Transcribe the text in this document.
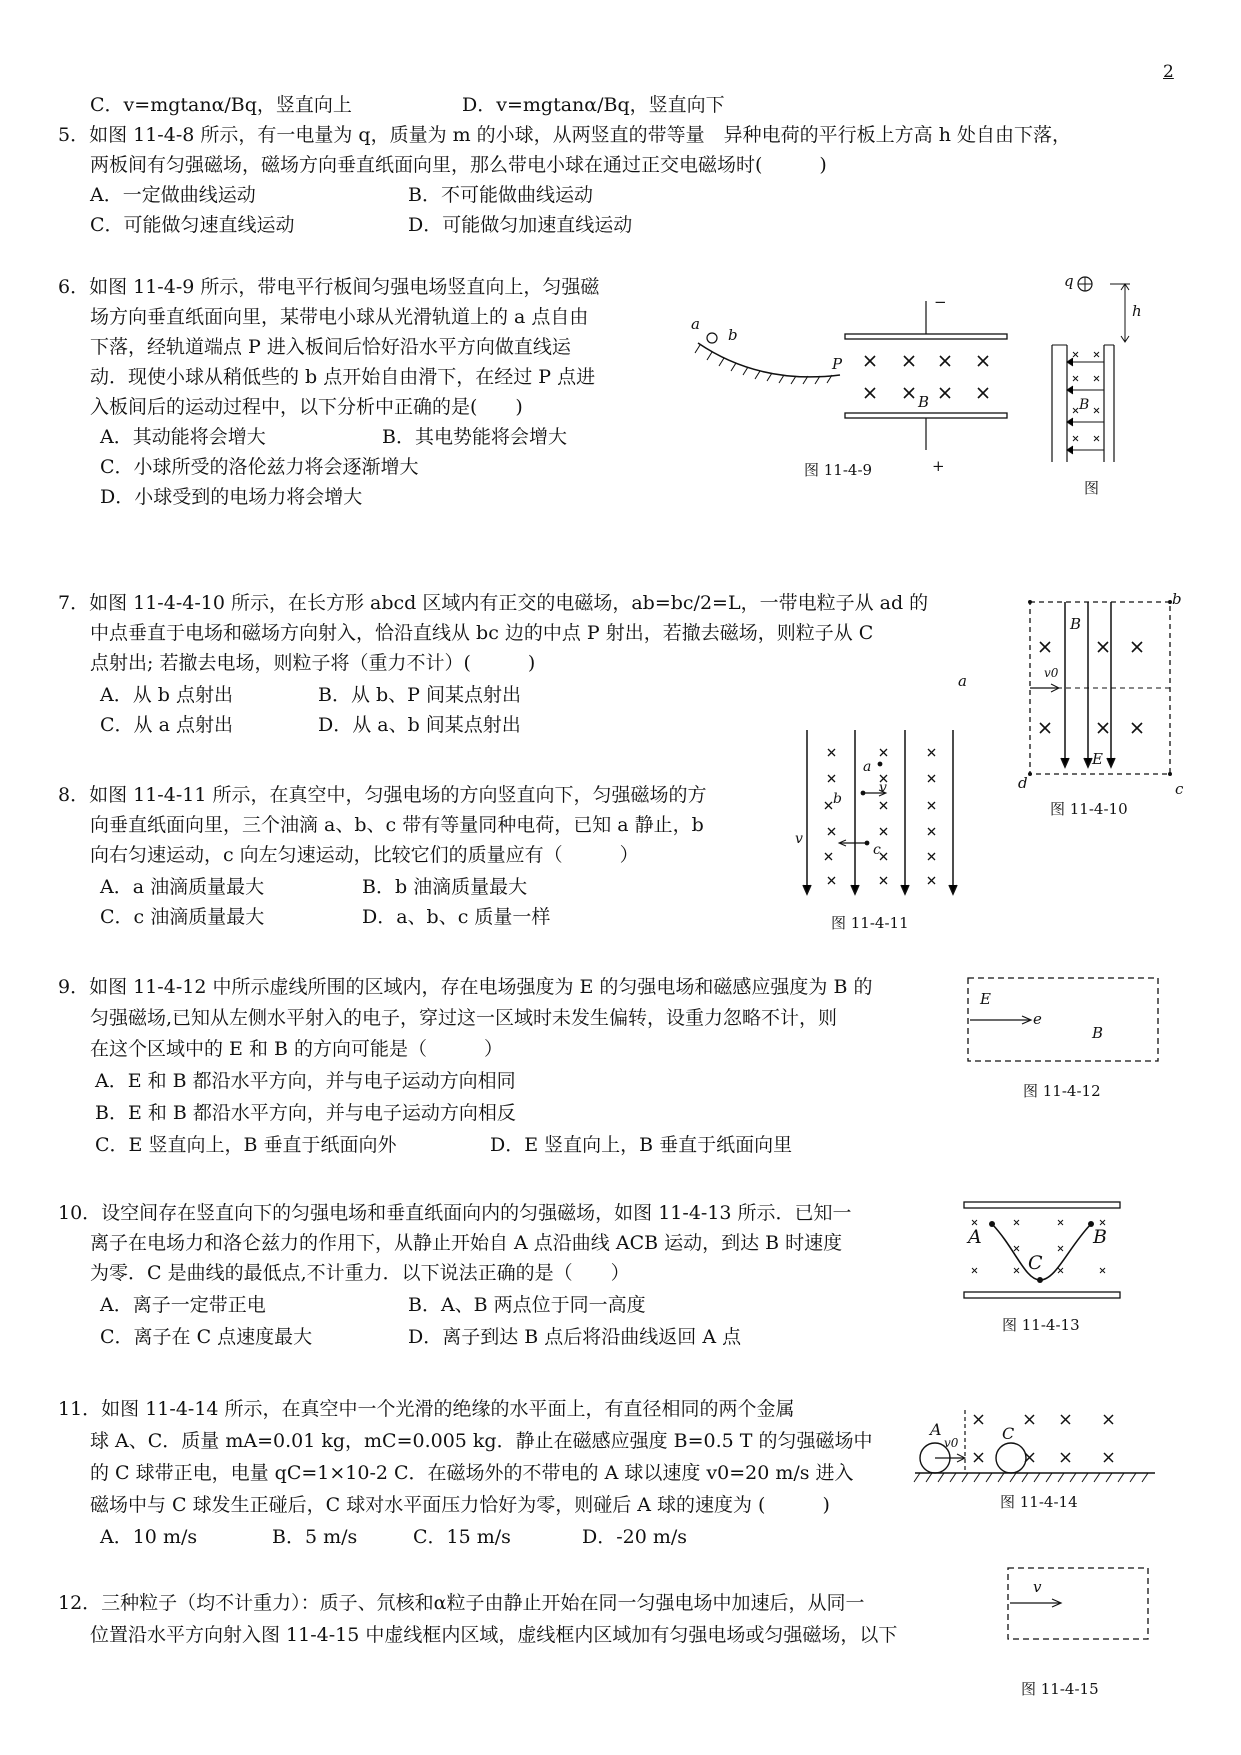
2
C．v=mgtanα/Bq，竖直向上	D．v=mgtanα/Bq，竖直向下
5．如图 11-4-8 所示，有一电量为 q，质量为 m 的小球，从两竖直的带等量　异种电荷的平行板上方高 h 处自由下落，
两板间有匀强磁场，磁场方向垂直纸面向里，那么带电小球在通过正交电磁场时(　　　)
A．一定做曲线运动	B．不可能做曲线运动
C．可能做匀速直线运动	D．可能做匀加速直线运动
6．如图 11-4-9 所示，带电平行板间匀强电场竖直向上，匀强磁
场方向垂直纸面向里，某带电小球从光滑轨道上的 a 点自由
下落，经轨道端点 P 进入板间后恰好沿水平方向做直线运
动．现使小球从稍低些的 b 点开始自由滑下，在经过 P 点进
入板间后的运动过程中，以下分析中正确的是(　　)
A．其动能将会增大	B．其电势能将会增大
C．小球所受的洛伦兹力将会逐渐增大
D．小球受到的电场力将会增大
a
b
P
B
−
+
图 11-4-9
q
h
B
图
7．如图 11-4-4-10 所示，在长方形 abcd 区域内有正交的电磁场，ab=bc/2=L，一带电粒子从 ad 的
中点垂直于电场和磁场方向射入，恰沿直线从 bc 边的中点 P 射出，若撤去磁场，则粒子从 C
点射出; 若撤去电场，则粒子将（重力不计）(　　　)
A．从 b 点射出	B．从 b、P 间某点射出
C．从 a 点射出	D．从 a、b 间某点射出
a
b
c
d
B
E
v0
图 11-4-10
8．如图 11-4-11 所示，在真空中，匀强电场的方向竖直向下，匀强磁场的方
向垂直纸面向里，三个油滴 a、b、c 带有等量同种电荷，已知 a 静止，b
向右匀速运动，c 向左匀速运动，比较它们的质量应有（　　　）
A．a 油滴质量最大	B．b 油滴质量最大
C．c 油滴质量最大	D．a、b、c 质量一样
a
b
c
v
v
图 11-4-11
9．如图 11-4-12 中所示虚线所围的区域内，存在电场强度为 E 的匀强电场和磁感应强度为 B 的
匀强磁场,已知从左侧水平射入的电子，穿过这一区域时未发生偏转，设重力忽略不计，则
在这个区域中的 E 和 B 的方向可能是（　　　）
A．E 和 B 都沿水平方向，并与电子运动方向相同
B．E 和 B 都沿水平方向，并与电子运动方向相反
C．E 竖直向上，B 垂直于纸面向外	D．E 竖直向上，B 垂直于纸面向里
E
e
B
图 11-4-12
10．设空间存在竖直向下的匀强电场和垂直纸面向内的匀强磁场，如图 11-4-13 所示．已知一
离子在电场力和洛仑兹力的作用下，从静止开始自 A 点沿曲线 ACB 运动，到达 B 时速度
为零．C 是曲线的最低点,不计重力．以下说法正确的是（　　）
A．离子一定带正电	B．A、B 两点位于同一高度
C．离子在 C 点速度最大	D．离子到达 B 点后将沿曲线返回 A 点
A	B
C
图 11-4-13
11．如图 11-4-14 所示，在真空中一个光滑的绝缘的水平面上，有直径相同的两个金属
球 A、C．质量 mA=0.01 kg，mC=0.005 kg．静止在磁感应强度 B=0.5 T 的匀强磁场中
的 C 球带正电，电量 qC=1×10-2 C．在磁场外的不带电的 A 球以速度 v0=20 m/s 进入
磁场中与 C 球发生正碰后，C 球对水平面压力恰好为零，则碰后 A 球的速度为 (　　　)
A．10 m/s	B．5 m/s	C．15 m/s	D．-20 m/s
A	C
v0
图 11-4-14
12．三种粒子（均不计重力）：质子、氘核和α粒子由静止开始在同一匀强电场中加速后，从同一
位置沿水平方向射入图 11-4-15 中虚线框内区域，虚线框内区域加有匀强电场或匀强磁场，以下
v
图 11-4-15
